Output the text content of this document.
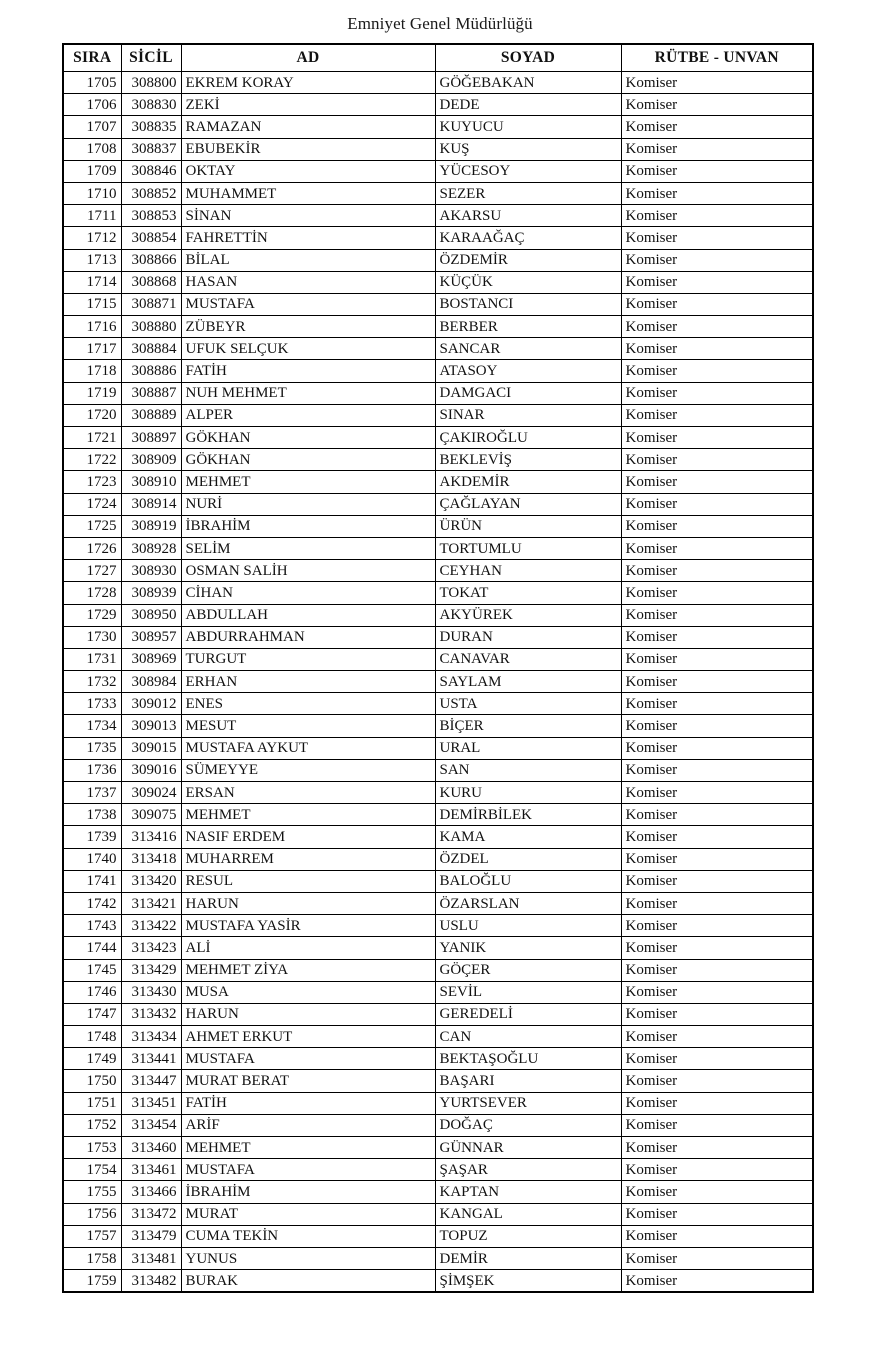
Emniyet Genel Müdürlüğü
SIRA	SİCİL	AD	SOYAD	RÜTBE - UNVAN
1705	308800	EKREM KORAY	GÖĞEBAKAN	Komiser
1706	308830	ZEKİ	DEDE	Komiser
1707	308835	RAMAZAN	KUYUCU	Komiser
1708	308837	EBUBEKİR	KUŞ	Komiser
1709	308846	OKTAY	YÜCESOY	Komiser
1710	308852	MUHAMMET	SEZER	Komiser
1711	308853	SİNAN	AKARSU	Komiser
1712	308854	FAHRETTİN	KARAAĞAÇ	Komiser
1713	308866	BİLAL	ÖZDEMİR	Komiser
1714	308868	HASAN	KÜÇÜK	Komiser
1715	308871	MUSTAFA	BOSTANCI	Komiser
1716	308880	ZÜBEYR	BERBER	Komiser
1717	308884	UFUK SELÇUK	SANCAR	Komiser
1718	308886	FATİH	ATASOY	Komiser
1719	308887	NUH MEHMET	DAMGACI	Komiser
1720	308889	ALPER	SINAR	Komiser
1721	308897	GÖKHAN	ÇAKIROĞLU	Komiser
1722	308909	GÖKHAN	BEKLEVİŞ	Komiser
1723	308910	MEHMET	AKDEMİR	Komiser
1724	308914	NURİ	ÇAĞLAYAN	Komiser
1725	308919	İBRAHİM	ÜRÜN	Komiser
1726	308928	SELİM	TORTUMLU	Komiser
1727	308930	OSMAN SALİH	CEYHAN	Komiser
1728	308939	CİHAN	TOKAT	Komiser
1729	308950	ABDULLAH	AKYÜREK	Komiser
1730	308957	ABDURRAHMAN	DURAN	Komiser
1731	308969	TURGUT	CANAVAR	Komiser
1732	308984	ERHAN	SAYLAM	Komiser
1733	309012	ENES	USTA	Komiser
1734	309013	MESUT	BİÇER	Komiser
1735	309015	MUSTAFA AYKUT	URAL	Komiser
1736	309016	SÜMEYYE	SAN	Komiser
1737	309024	ERSAN	KURU	Komiser
1738	309075	MEHMET	DEMİRBİLEK	Komiser
1739	313416	NASIF ERDEM	KAMA	Komiser
1740	313418	MUHARREM	ÖZDEL	Komiser
1741	313420	RESUL	BALOĞLU	Komiser
1742	313421	HARUN	ÖZARSLAN	Komiser
1743	313422	MUSTAFA YASİR	USLU	Komiser
1744	313423	ALİ	YANIK	Komiser
1745	313429	MEHMET ZİYA	GÖÇER	Komiser
1746	313430	MUSA	SEVİL	Komiser
1747	313432	HARUN	GEREDELİ	Komiser
1748	313434	AHMET ERKUT	CAN	Komiser
1749	313441	MUSTAFA	BEKTAŞOĞLU	Komiser
1750	313447	MURAT BERAT	BAŞARI	Komiser
1751	313451	FATİH	YURTSEVER	Komiser
1752	313454	ARİF	DOĞAÇ	Komiser
1753	313460	MEHMET	GÜNNAR	Komiser
1754	313461	MUSTAFA	ŞAŞAR	Komiser
1755	313466	İBRAHİM	KAPTAN	Komiser
1756	313472	MURAT	KANGAL	Komiser
1757	313479	CUMA TEKİN	TOPUZ	Komiser
1758	313481	YUNUS	DEMİR	Komiser
1759	313482	BURAK	ŞİMŞEK	Komiser
